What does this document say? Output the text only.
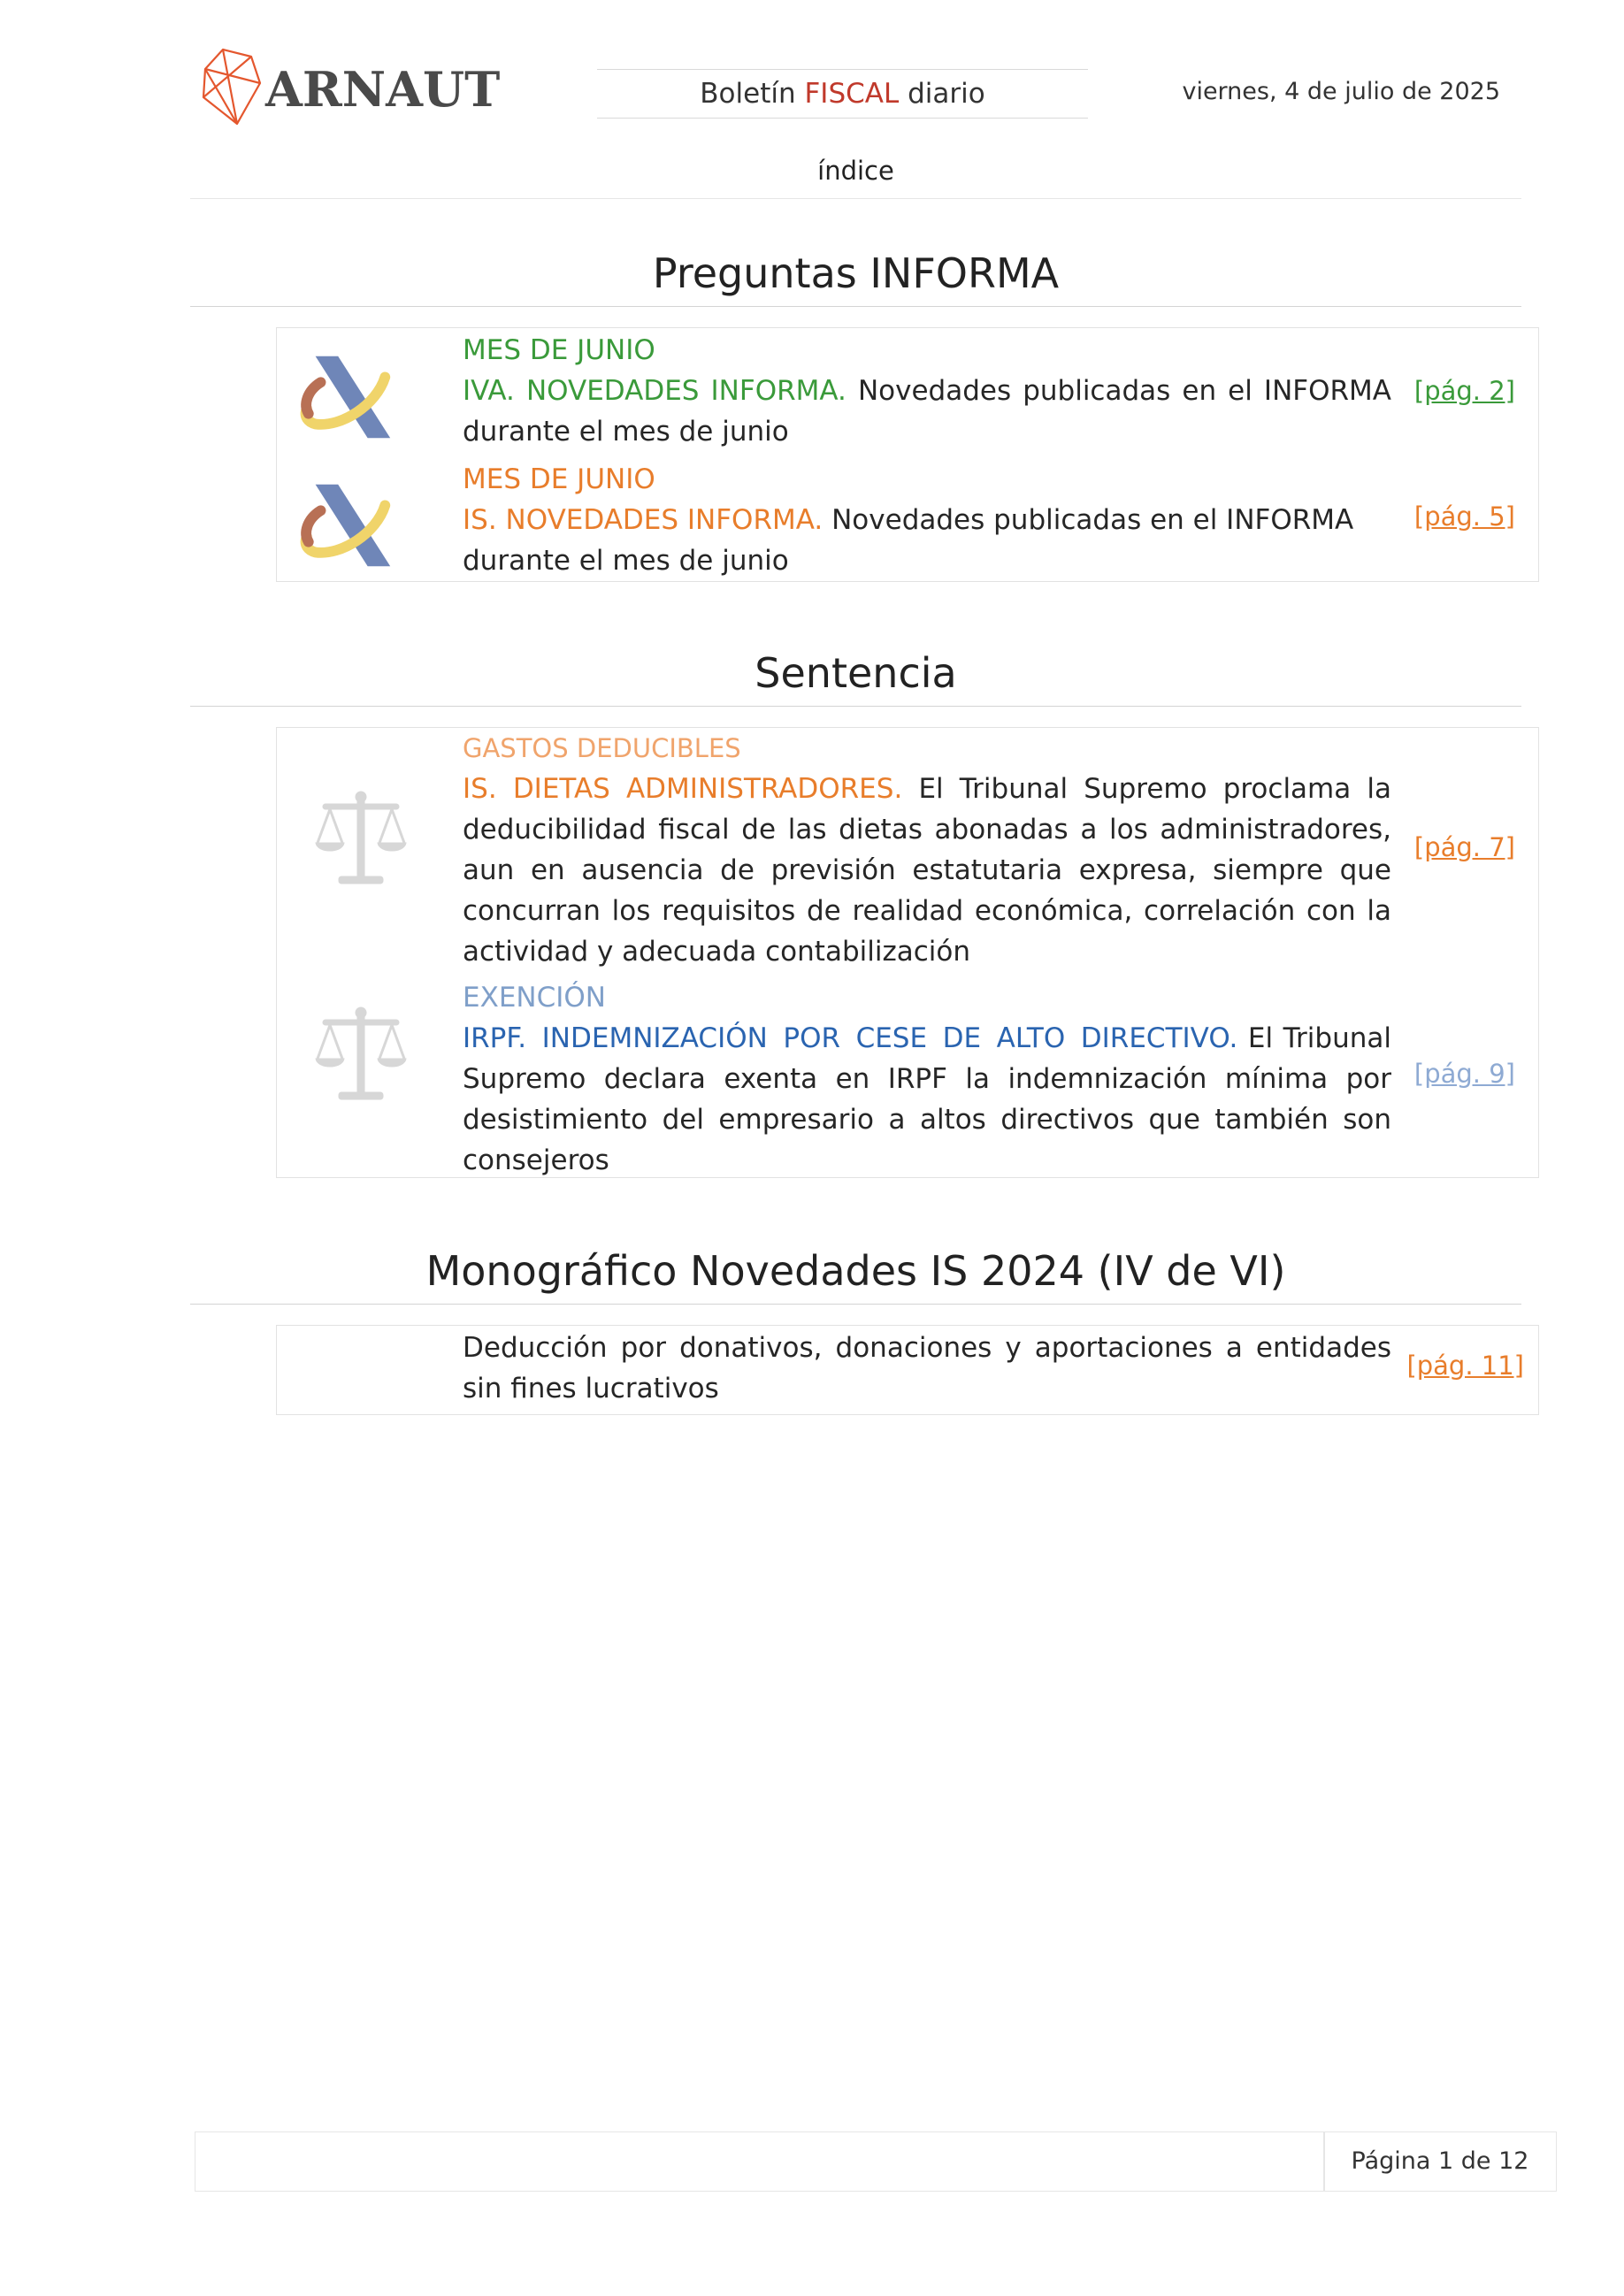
ARNAUT	Boletín FISCAL diario	viernes, 4 de julio de 2025
índice
Preguntas INFORMA
MES DE JUNIO
IVA. NOVEDADES INFORMA. Novedades publicadas en el INFORMA durante el mes de junio
[pág. 2]
MES DE JUNIO
IS. NOVEDADES INFORMA. Novedades publicadas en el INFORMA durante el mes de junio
[pág. 5]
Sentencia
GASTOS DEDUCIBLES
IS. DIETAS ADMINISTRADORES. El Tribunal Supremo proclama la deducibilidad fiscal de las dietas abonadas a los administradores, aun en ausencia de previsión estatutaria expresa, siempre que concurran los requisitos de realidad económica, correlación con la actividad y adecuada contabilización
[pág. 7]
EXENCIÓN
IRPF. INDEMNIZACIÓN POR CESE DE ALTO DIRECTIVO. El Tribunal Supremo declara exenta en IRPF la indemnización mínima por desistimiento del empresario a altos directivos que también son consejeros
[pág. 9]
Monográfico Novedades IS 2024 (IV de VI)
Deducción por donativos, donaciones y aportaciones a entidades sin fines lucrativos
[pág. 11]
Página 1 de 12
